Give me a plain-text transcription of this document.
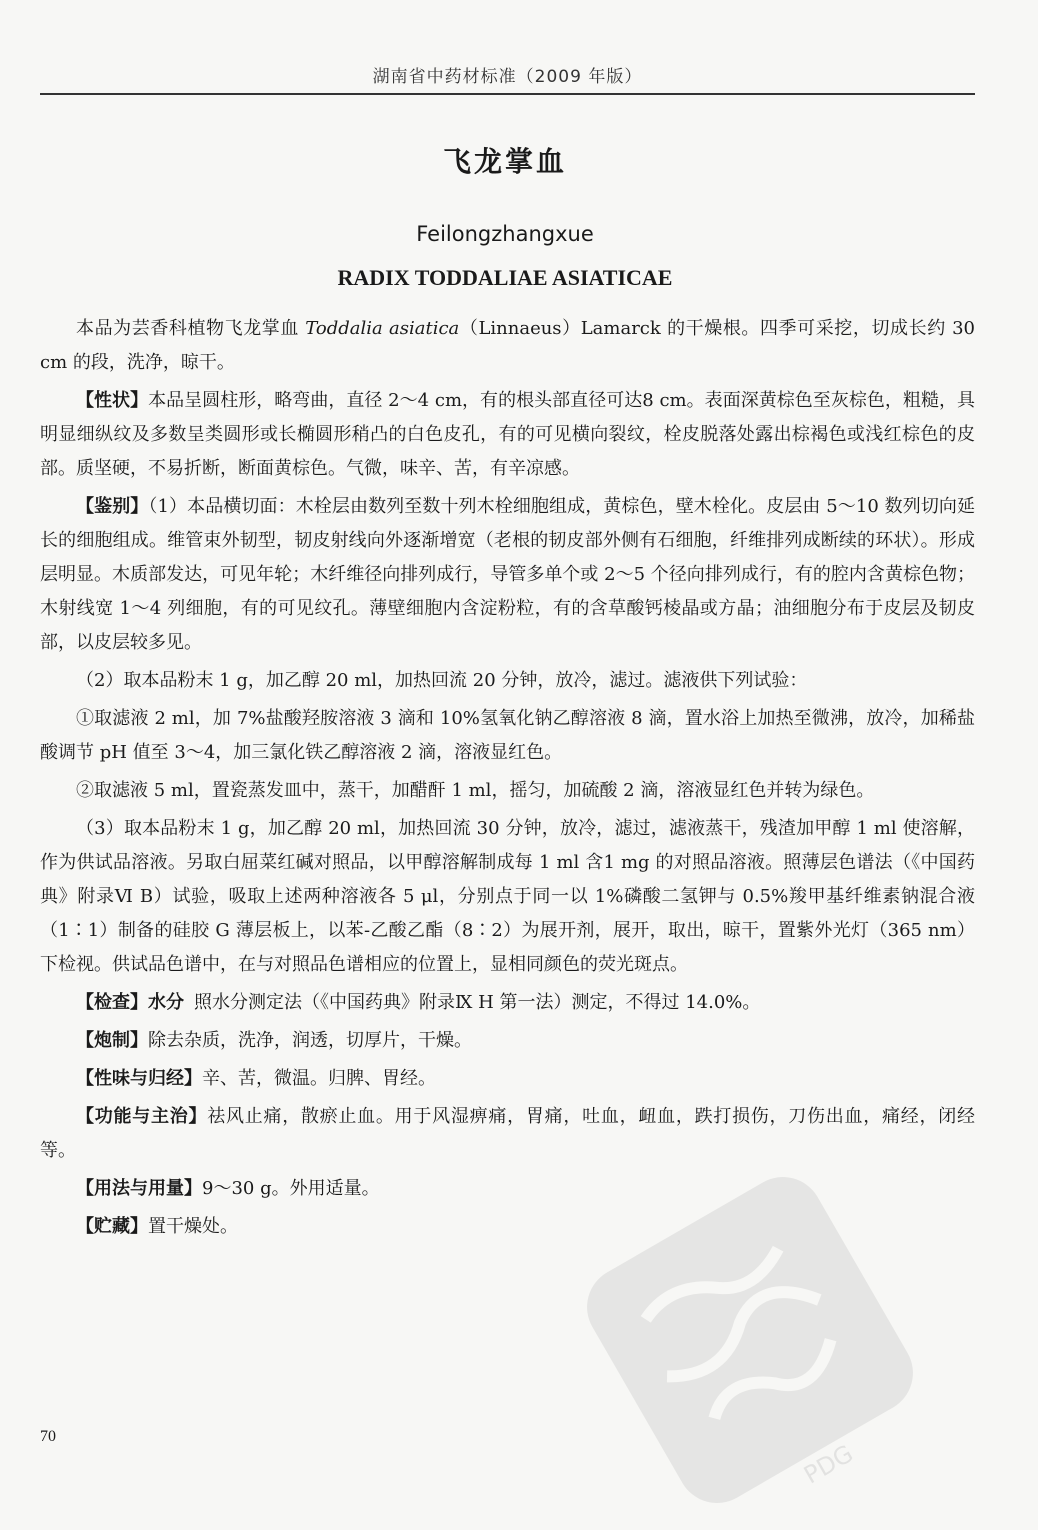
湖南省中药材标准（2009 年版）
飞龙掌血
Feilongzhangxue
RADIX TODDALIAE ASIATICAE

本品为芸香科植物飞龙掌血 Toddalia asiatica（Linnaeus）Lamarck 的干燥根。四季可采挖，切成长约 30 cm 的段，洗净，晾干。

【性状】本品呈圆柱形，略弯曲，直径 2～4 cm，有的根头部直径可达8 cm。表面深黄棕色至灰棕色，粗糙，具明显细纵纹及多数呈类圆形或长椭圆形稍凸的白色皮孔，有的可见横向裂纹，栓皮脱落处露出棕褐色或浅红棕色的皮部。质坚硬，不易折断，断面黄棕色。气微，味辛、苦，有辛凉感。

【鉴别】（1）本品横切面：木栓层由数列至数十列木栓细胞组成，黄棕色，壁木栓化。皮层由 5～10 数列切向延长的细胞组成。维管束外韧型，韧皮射线向外逐渐增宽（老根的韧皮部外侧有石细胞，纤维排列成断续的环状）。形成层明显。木质部发达，可见年轮；木纤维径向排列成行，导管多单个或 2～5 个径向排列成行，有的腔内含黄棕色物；木射线宽 1～4 列细胞，有的可见纹孔。薄壁细胞内含淀粉粒，有的含草酸钙棱晶或方晶；油细胞分布于皮层及韧皮部，以皮层较多见。

（2）取本品粉末 1 g，加乙醇 20 ml，加热回流 20 分钟，放冷，滤过。滤液供下列试验：

①取滤液 2 ml，加 7%盐酸羟胺溶液 3 滴和 10%氢氧化钠乙醇溶液 8 滴，置水浴上加热至微沸，放冷，加稀盐酸调节 pH 值至 3～4，加三氯化铁乙醇溶液 2 滴，溶液显红色。

②取滤液 5 ml，置瓷蒸发皿中，蒸干，加醋酐 1 ml，摇匀，加硫酸 2 滴，溶液显红色并转为绿色。

（3）取本品粉末 1 g，加乙醇 20 ml，加热回流 30 分钟，放冷，滤过，滤液蒸干，残渣加甲醇 1 ml 使溶解，作为供试品溶液。另取白屈菜红碱对照品，以甲醇溶解制成每 1 ml 含1 mg 的对照品溶液。照薄层色谱法（《中国药典》附录Ⅵ B）试验，吸取上述两种溶液各 5 μl，分别点于同一以 1%磷酸二氢钾与 0.5%羧甲基纤维素钠混合液（1∶1）制备的硅胶 G 薄层板上，以苯-乙酸乙酯（8∶2）为展开剂，展开，取出，晾干，置紫外光灯（365 nm）下检视。供试品色谱中，在与对照品色谱相应的位置上，显相同颜色的荧光斑点。

【检查】水分 照水分测定法（《中国药典》附录Ⅸ H 第一法）测定，不得过 14.0%。

【炮制】除去杂质，洗净，润透，切厚片，干燥。

【性味与归经】辛、苦，微温。归脾、胃经。

【功能与主治】祛风止痛，散瘀止血。用于风湿痹痛，胃痛，吐血，衄血，跌打损伤，刀伤出血，痛经，闭经等。

【用法与用量】9～30 g。外用适量。

【贮藏】置干燥处。

70
PDG
